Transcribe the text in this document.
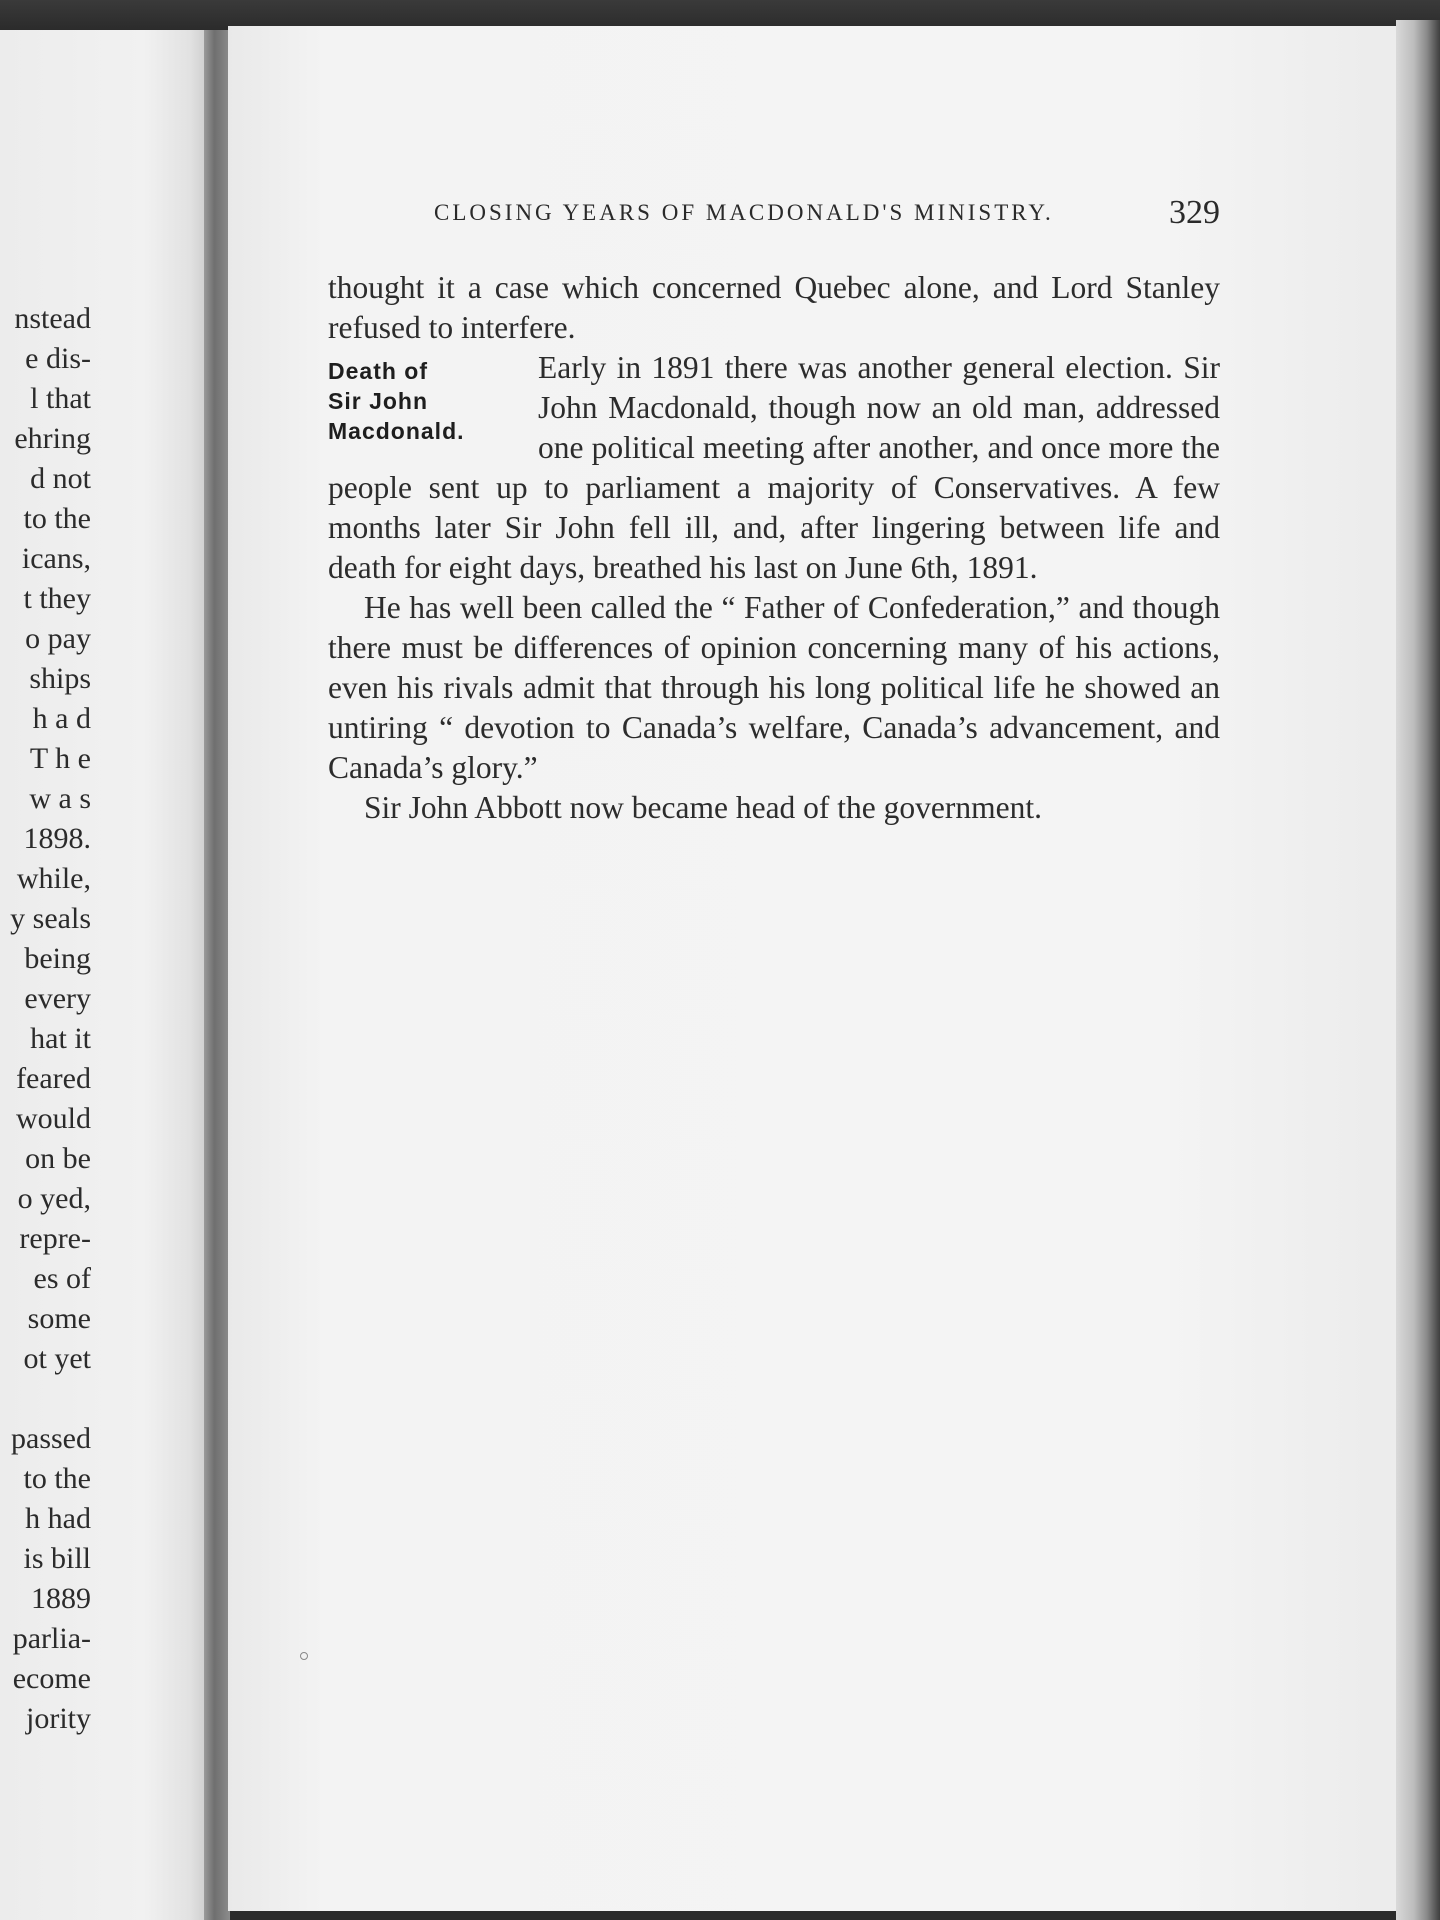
nstead
e dis-
l that
ehring
d not
to the
icans,
t they
o pay
ships
h a d
T h e
w a s
1898.
while,
y seals
being
every
hat it
feared
would
on be
o yed,
repre-
es of
some
ot yet
passed
to the
h had
is bill
1889
parlia-
ecome
jority
CLOSING YEARS OF MACDONALD'S MINISTRY.	329

thought it a case which concerned Quebec alone, and Lord Stanley refused to interfere.

Death of
Sir John
Macdonald.

Early in 1891 there was another general election. Sir John Macdonald, though now an old man, addressed one political meeting after another, and once more the people sent up to parliament a majority of Conservatives. A few months later Sir John fell ill, and, after lingering between life and death for eight days, breathed his last on June 6th, 1891.

He has well been called the “ Father of Confederation,” and though there must be differences of opinion concerning many of his actions, even his rivals admit that through his long political life he showed an untiring “ devotion to Canada’s welfare, Canada’s advancement, and Canada’s glory.”

Sir John Abbott now became head of the government.
